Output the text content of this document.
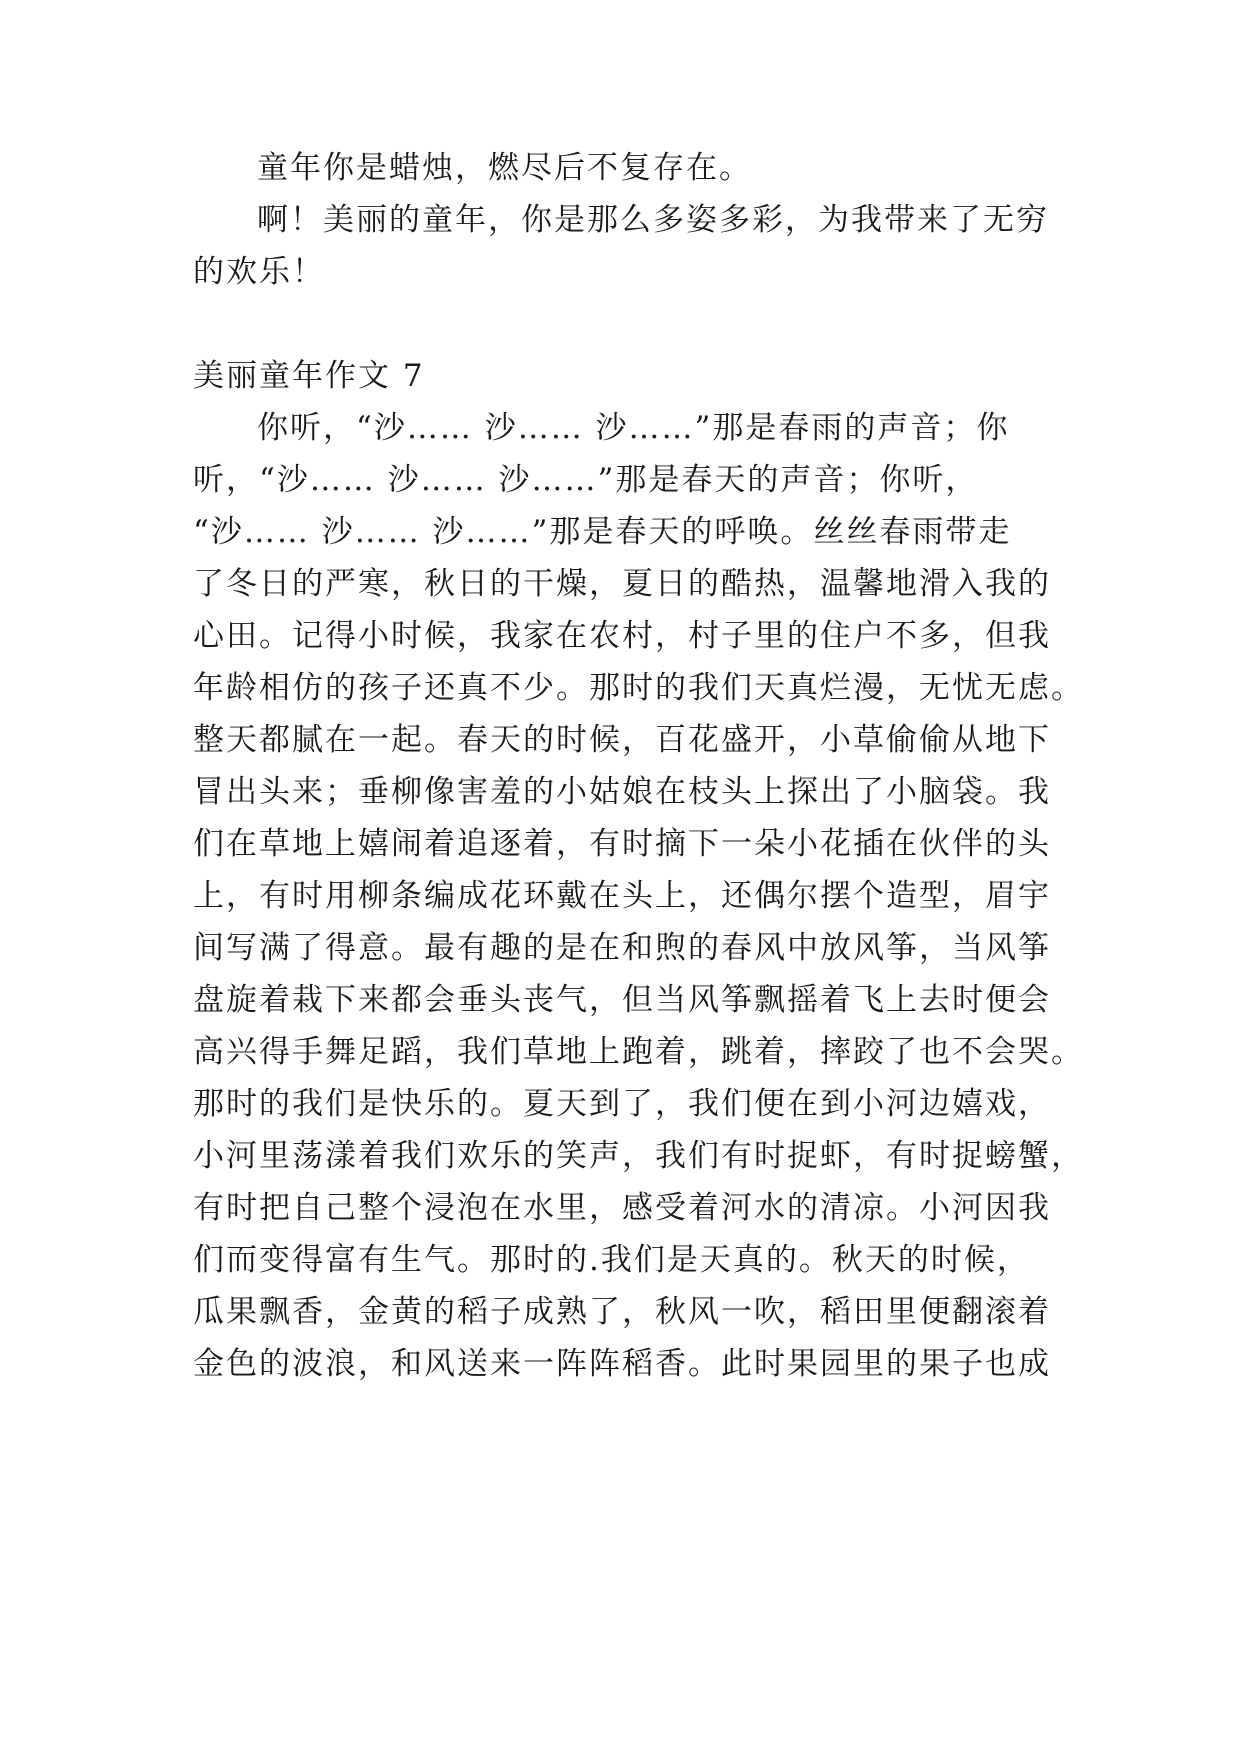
童年你是蜡烛，燃尽后不复存在。
啊！美丽的童年，你是那么多姿多彩，为我带来了无穷
的欢乐！
美丽童年作文 7
你听，“沙…… 沙…… 沙……”那是春雨的声音；你
听，“沙…… 沙…… 沙……”那是春天的声音；你听，
“沙…… 沙…… 沙……”那是春天的呼唤。丝丝春雨带走
了冬日的严寒，秋日的干燥，夏日的酷热，温馨地滑入我的
心田。记得小时候，我家在农村，村子里的住户不多，但我
年龄相仿的孩子还真不少。那时的我们天真烂漫，无忧无虑。
整天都腻在一起。春天的时候，百花盛开，小草偷偷从地下
冒出头来；垂柳像害羞的小姑娘在枝头上探出了小脑袋。我
们在草地上嬉闹着追逐着，有时摘下一朵小花插在伙伴的头
上，有时用柳条编成花环戴在头上，还偶尔摆个造型，眉宇
间写满了得意。最有趣的是在和煦的春风中放风筝，当风筝
盘旋着栽下来都会垂头丧气，但当风筝飘摇着飞上去时便会
高兴得手舞足蹈，我们草地上跑着，跳着，摔跤了也不会哭。
那时的我们是快乐的。夏天到了，我们便在到小河边嬉戏，
小河里荡漾着我们欢乐的笑声，我们有时捉虾，有时捉螃蟹，
有时把自己整个浸泡在水里，感受着河水的清凉。小河因我
们而变得富有生气。那时的.我们是天真的。秋天的时候，
瓜果飘香，金黄的稻子成熟了，秋风一吹，稻田里便翻滚着
金色的波浪，和风送来一阵阵稻香。此时果园里的果子也成
